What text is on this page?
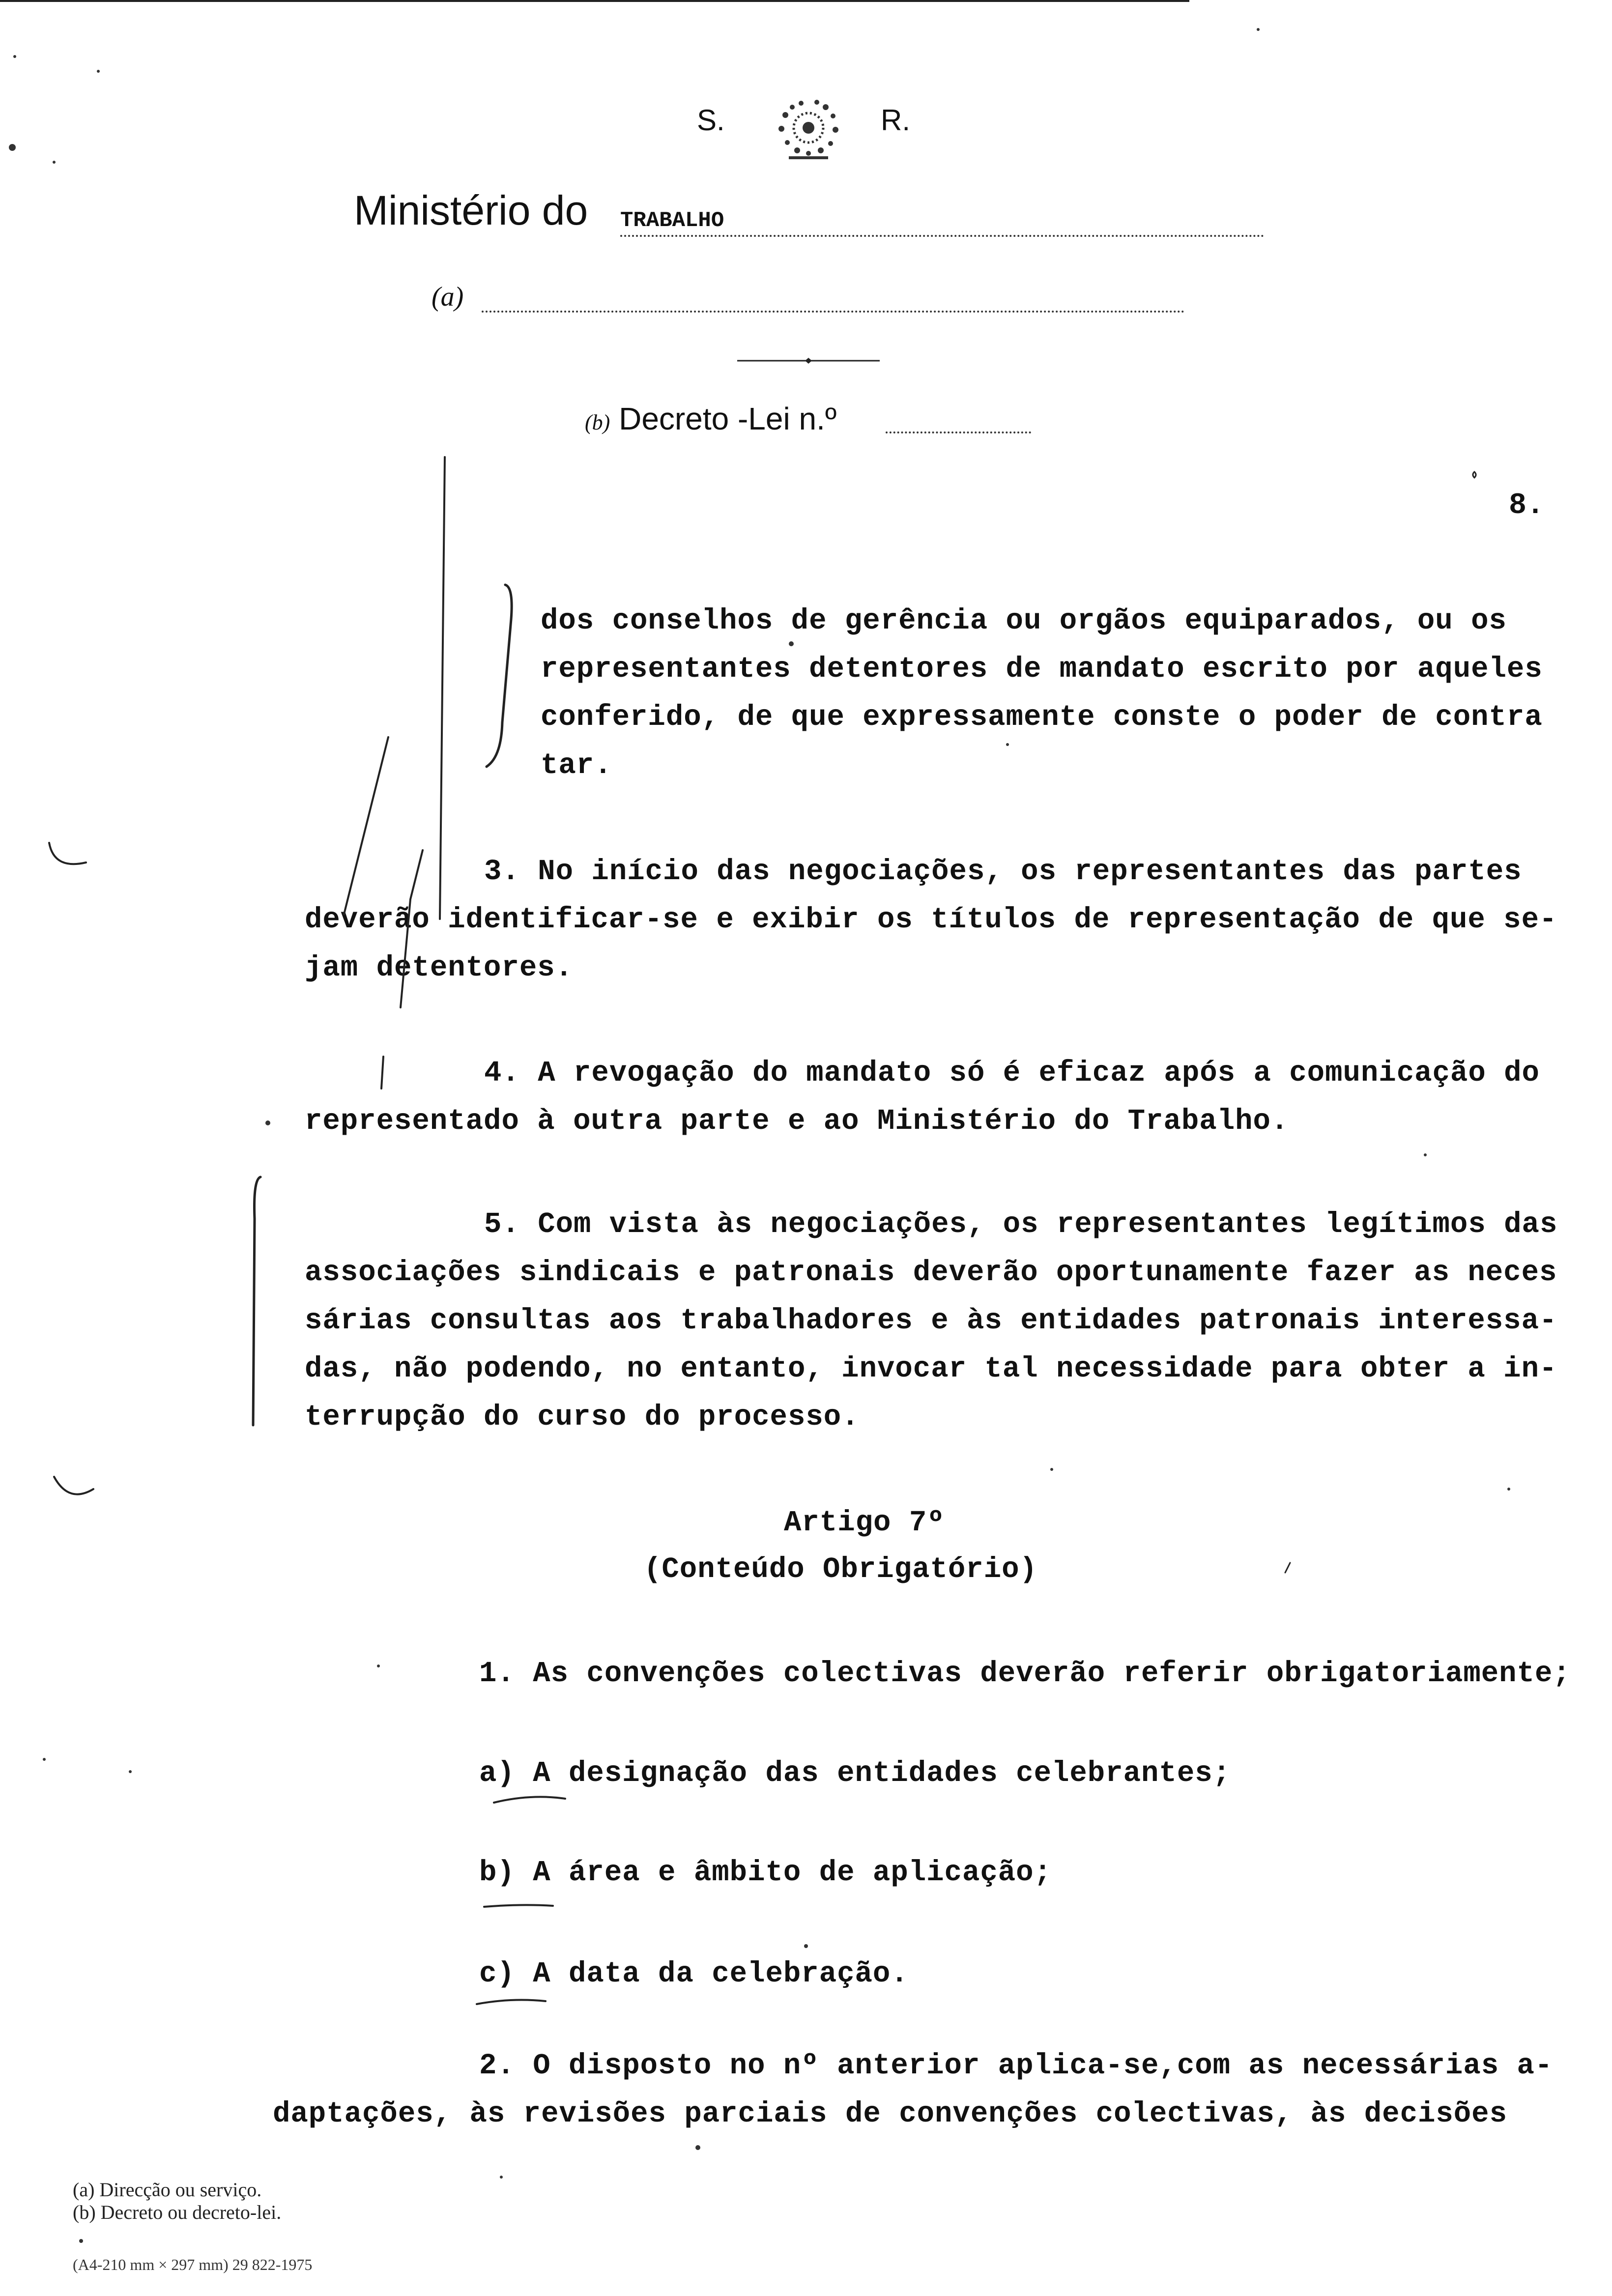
S.	R.
Ministério do TRABALHO
(a)
(b) Decreto -Lei n.º
8.
dos conselhos de gerência ou orgãos equiparados, ou os
representantes detentores de mandato escrito por aqueles
conferido, de que expressamente conste o poder de contra
tar.
3. No início das negociações, os representantes das partes
deverão identificar-se e exibir os títulos de representação de que se-
jam detentores.
4. A revogação do mandato só é eficaz após a comunicação do
representado à outra parte e ao Ministério do Trabalho.
5. Com vista às negociações, os representantes legítimos das
associações sindicais e patronais deverão oportunamente fazer as neces
sárias consultas aos trabalhadores e às entidades patronais interessa-
das, não podendo, no entanto, invocar tal necessidade para obter a in-
terrupção do curso do processo.
Artigo 7º
(Conteúdo Obrigatório)
1. As convenções colectivas deverão referir obrigatoriamente;
a) A designação das entidades celebrantes;
b) A área e âmbito de aplicação;
c) A data da celebração.
2. O disposto no nº anterior aplica-se,com as necessárias a-
daptações, às revisões parciais de convenções colectivas, às decisões
(a) Direcção ou serviço.
(b) Decreto ou decreto-lei.
(A4-210 mm × 297 mm) 29 822-1975
